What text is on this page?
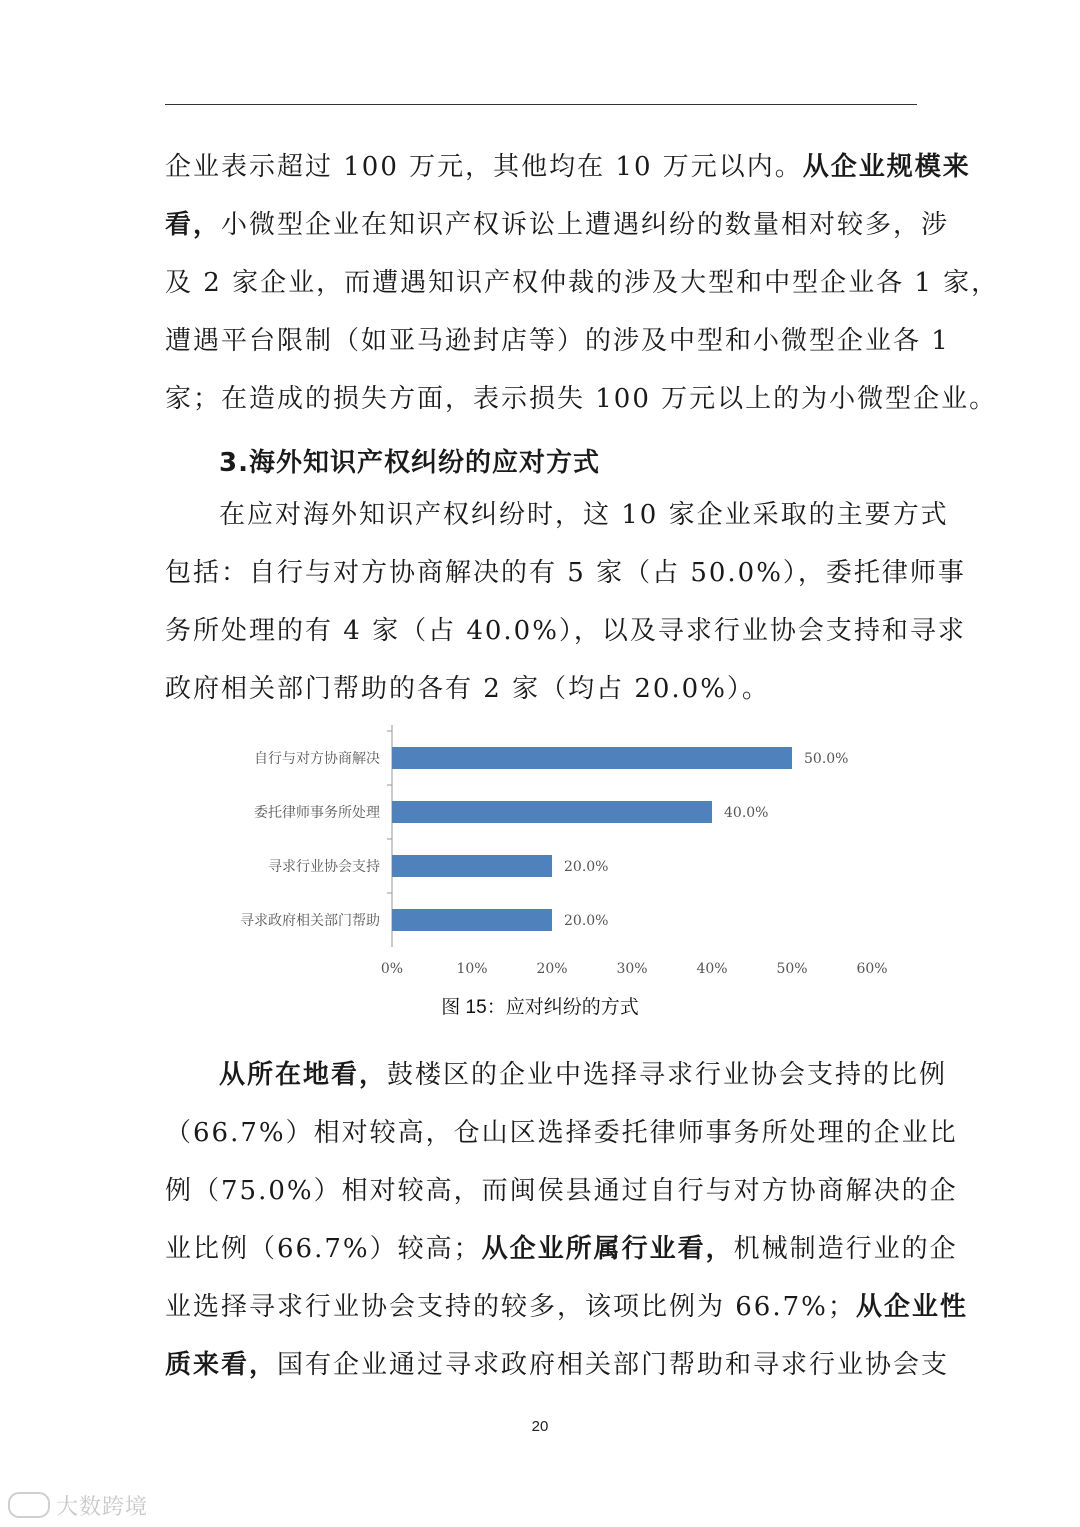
企业表示超过 100 万元，其他均在 10 万元以内。从企业规模来
看，小微型企业在知识产权诉讼上遭遇纠纷的数量相对较多，涉
及 2 家企业，而遭遇知识产权仲裁的涉及大型和中型企业各 1 家，
遭遇平台限制（如亚马逊封店等）的涉及中型和小微型企业各 1
家；在造成的损失方面，表示损失 100 万元以上的为小微型企业。
3.海外知识产权纠纷的应对方式
在应对海外知识产权纠纷时，这 10 家企业采取的主要方式
包括：自行与对方协商解决的有 5 家（占 50.0%），委托律师事
务所处理的有 4 家（占 40.0%），以及寻求行业协会支持和寻求
政府相关部门帮助的各有 2 家（均占 20.0%）。
自行与对方协商解决	50.0%
委托律师事务所处理	40.0%
寻求行业协会支持	20.0%
寻求政府相关部门帮助	20.0%
0%	10%	20%	30%	40%	50%	60%
图 15：应对纠纷的方式
从所在地看，鼓楼区的企业中选择寻求行业协会支持的比例
（66.7%）相对较高，仓山区选择委托律师事务所处理的企业比
例（75.0%）相对较高，而闽侯县通过自行与对方协商解决的企
业比例（66.7%）较高；从企业所属行业看，机械制造行业的企
业选择寻求行业协会支持的较多，该项比例为 66.7%；从企业性
质来看，国有企业通过寻求政府相关部门帮助和寻求行业协会支
20
大数跨境
